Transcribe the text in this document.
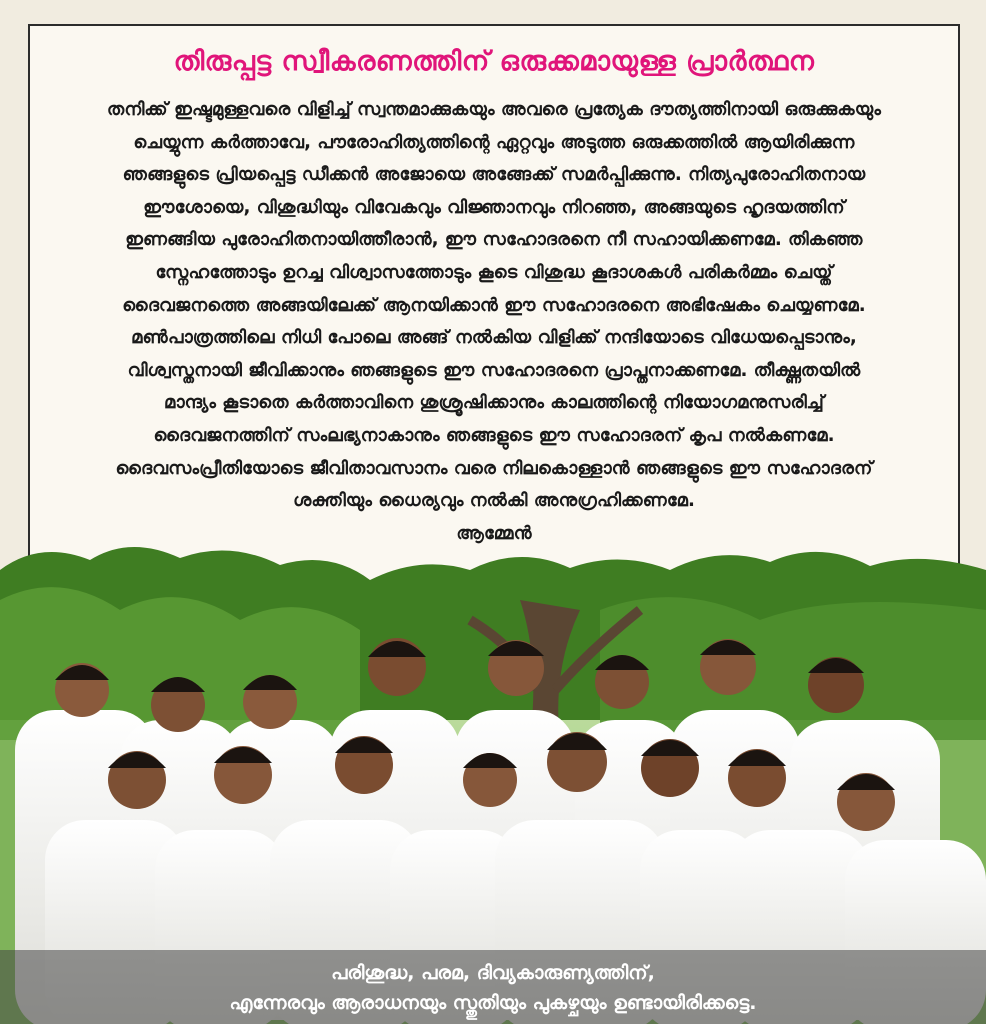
തിരുപ്പട്ട സ്വീകരണത്തിന് ഒരുക്കമായുള്ള പ്രാർത്ഥന
തനിക്ക് ഇഷ്ടമുള്ളവരെ വിളിച്ച് സ്വന്തമാക്കുകയും അവരെ പ്രത്യേക ദൗത്യത്തിനായി ഒരുക്കുകയും
ചെയ്യുന്ന കർത്താവേ, പൗരോഹിത്യത്തിന്റെ ഏറ്റവും അടുത്ത ഒരുക്കത്തിൽ ആയിരിക്കുന്ന
ഞങ്ങളുടെ പ്രിയപ്പെട്ട ഡീക്കൻ അജോയെ അങ്ങേക്ക് സമർപ്പിക്കുന്നു. നിത്യപുരോഹിതനായ
ഈശോയെ, വിശുദ്ധിയും വിവേകവും വിജ്ഞാനവും നിറഞ്ഞ, അങ്ങയുടെ ഹൃദയത്തിന്
ഇണങ്ങിയ പുരോഹിതനായിത്തീരാൻ, ഈ സഹോദരനെ നീ സഹായിക്കണമേ. തികഞ്ഞ
സ്നേഹത്തോടും ഉറച്ച വിശ്വാസത്തോടും കൂടെ വിശുദ്ധ കൂദാശകൾ പരികർമ്മം ചെയ്ത്
ദൈവജനത്തെ അങ്ങയിലേക്ക് ആനയിക്കാൻ ഈ സഹോദരനെ അഭിഷേകം ചെയ്യണമേ.
മൺപാത്രത്തിലെ നിധി പോലെ അങ്ങ് നൽകിയ വിളിക്ക് നന്ദിയോടെ വിധേയപ്പെടാനും,
വിശ്വസ്തനായി ജീവിക്കാനും ഞങ്ങളുടെ ഈ സഹോദരനെ പ്രാപ്തനാക്കണമേ. തീക്ഷ്ണതയിൽ
മാന്ദ്യം കൂടാതെ കർത്താവിനെ ശുശ്രൂഷിക്കാനും കാലത്തിന്റെ നിയോഗമനുസരിച്ച്
ദൈവജനത്തിന് സംലഭ്യനാകാനും ഞങ്ങളുടെ ഈ സഹോദരന് കൃപ നൽകണമേ.
ദൈവസംപ്രീതിയോടെ ജീവിതാവസാനം വരെ നിലകൊള്ളാൻ ഞങ്ങളുടെ ഈ സഹോദരന്
ശക്തിയും ധൈര്യവും നൽകി അനുഗ്രഹിക്കണമേ.
ആമ്മേൻ
പരിശുദ്ധ, പരമ, ദിവ്യകാരുണ്യത്തിന്,
എന്നേരവും ആരാധനയും സ്തുതിയും പുകഴ്ചയും ഉണ്ടായിരിക്കട്ടെ.
